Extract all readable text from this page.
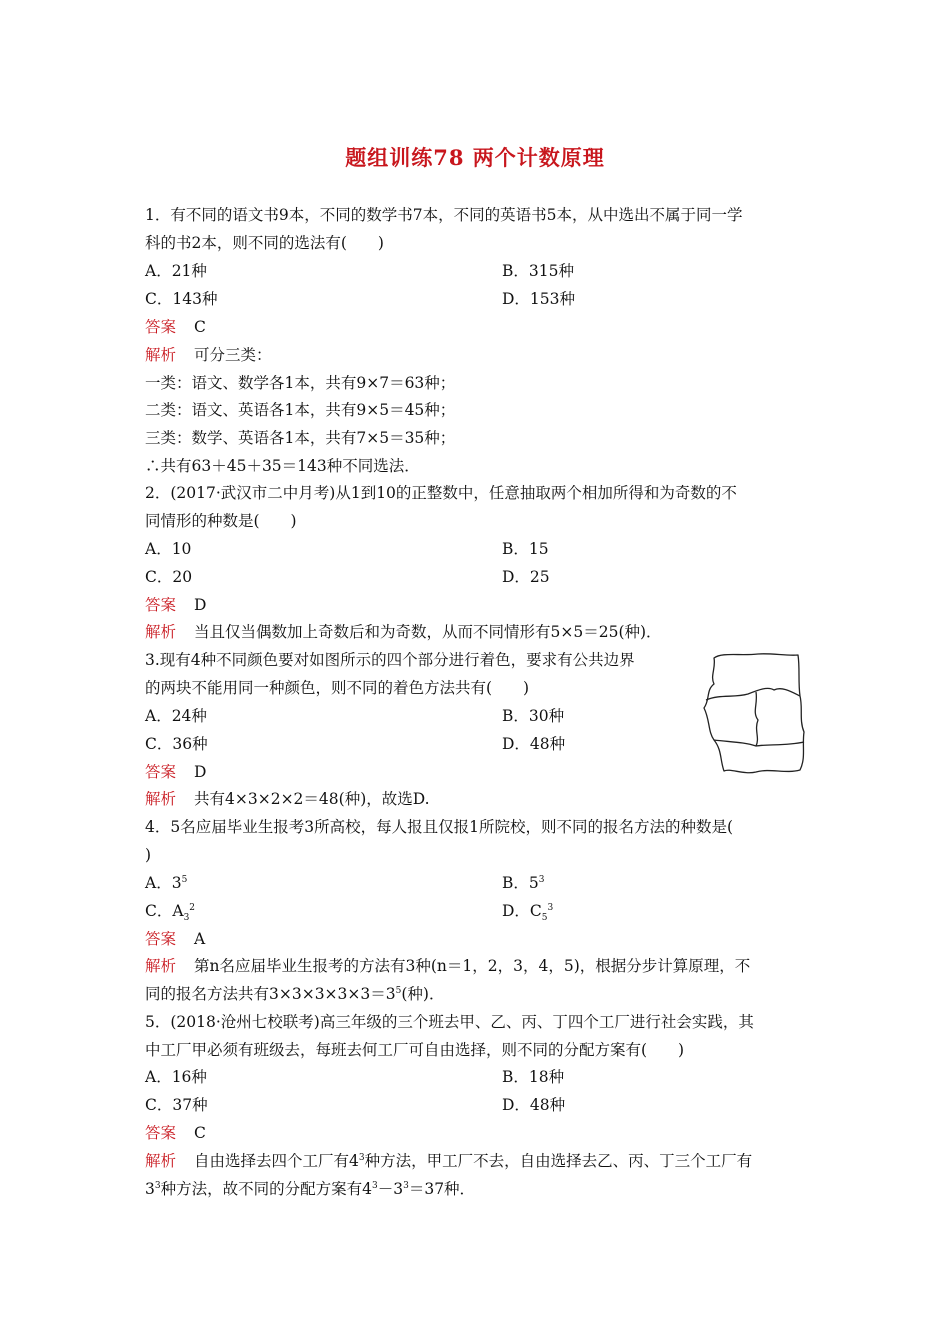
题组训练78 两个计数原理
1．有不同的语文书9本，不同的数学书7本，不同的英语书5本，从中选出不属于同一学
科的书2本，则不同的选法有(　　)
A．21种	B．315种
C．143种	D．153种
答案 C
解析 可分三类：
一类：语文、数学各1本，共有9×7＝63种；
二类：语文、英语各1本，共有9×5＝45种；
三类：数学、英语各1本，共有7×5＝35种；
∴共有63＋45＋35＝143种不同选法．
2．(2017·武汉市二中月考)从1到10的正整数中，任意抽取两个相加所得和为奇数的不
同情形的种数是(　　)
A．10	B．15
C．20	D．25
答案 D
解析 当且仅当偶数加上奇数后和为奇数，从而不同情形有5×5＝25(种)．
3.现有4种不同颜色要对如图所示的四个部分进行着色，要求有公共边界
的两块不能用同一种颜色，则不同的着色方法共有(　　)
A．24种	B．30种
C．36种	D．48种
答案 D
解析 共有4×3×2×2＝48(种)，故选D.
4．5名应届毕业生报考3所高校，每人报且仅报1所院校，则不同的报名方法的种数是(
)
A．$3^5$	B．$5^3$
C．$A_3^2$	D．$C_5^3$
答案 A
解析 第n名应届毕业生报考的方法有3种(n＝1，2，3，4，5)，根据分步计算原理，不
同的报名方法共有$3\times 3\times 3\times 3\times 3=3^5$(种)．
5．(2018·沧州七校联考)高三年级的三个班去甲、乙、丙、丁四个工厂进行社会实践，其
中工厂甲必须有班级去，每班去何工厂可自由选择，则不同的分配方案有(　　)
A．16种	B．18种
C．37种	D．48种
答案 C
解析 自由选择去四个工厂有$4^3$种方法，甲工厂不去，自由选择去乙、丙、丁三个工厂有
$3^3$种方法，故不同的分配方案有$4^3-3^3=37$种．
